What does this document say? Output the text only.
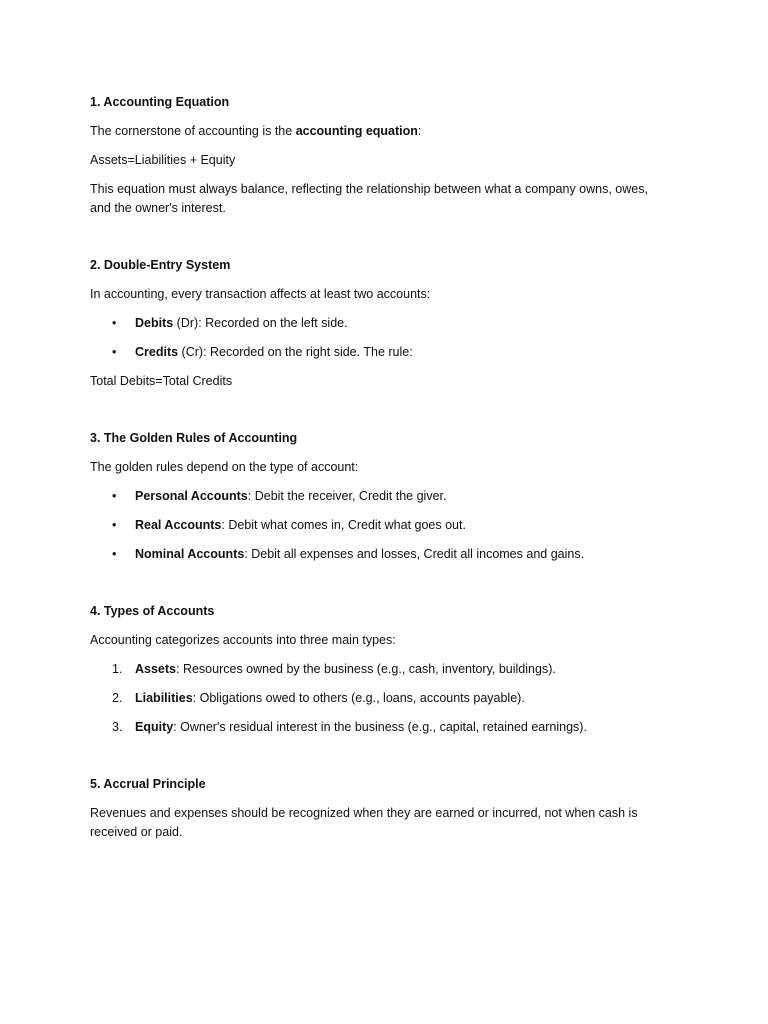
1. Accounting Equation
The cornerstone of accounting is the accounting equation:
Assets=Liabilities + Equity
This equation must always balance, reflecting the relationship between what a company owns, owes, and the owner's interest.
2. Double-Entry System
In accounting, every transaction affects at least two accounts:
• Debits (Dr): Recorded on the left side.
• Credits (Cr): Recorded on the right side. The rule:
Total Debits=Total Credits
3. The Golden Rules of Accounting
The golden rules depend on the type of account:
• Personal Accounts: Debit the receiver, Credit the giver.
• Real Accounts: Debit what comes in, Credit what goes out.
• Nominal Accounts: Debit all expenses and losses, Credit all incomes and gains.
4. Types of Accounts
Accounting categorizes accounts into three main types:
1. Assets: Resources owned by the business (e.g., cash, inventory, buildings).
2. Liabilities: Obligations owed to others (e.g., loans, accounts payable).
3. Equity: Owner's residual interest in the business (e.g., capital, retained earnings).
5. Accrual Principle
Revenues and expenses should be recognized when they are earned or incurred, not when cash is received or paid.
